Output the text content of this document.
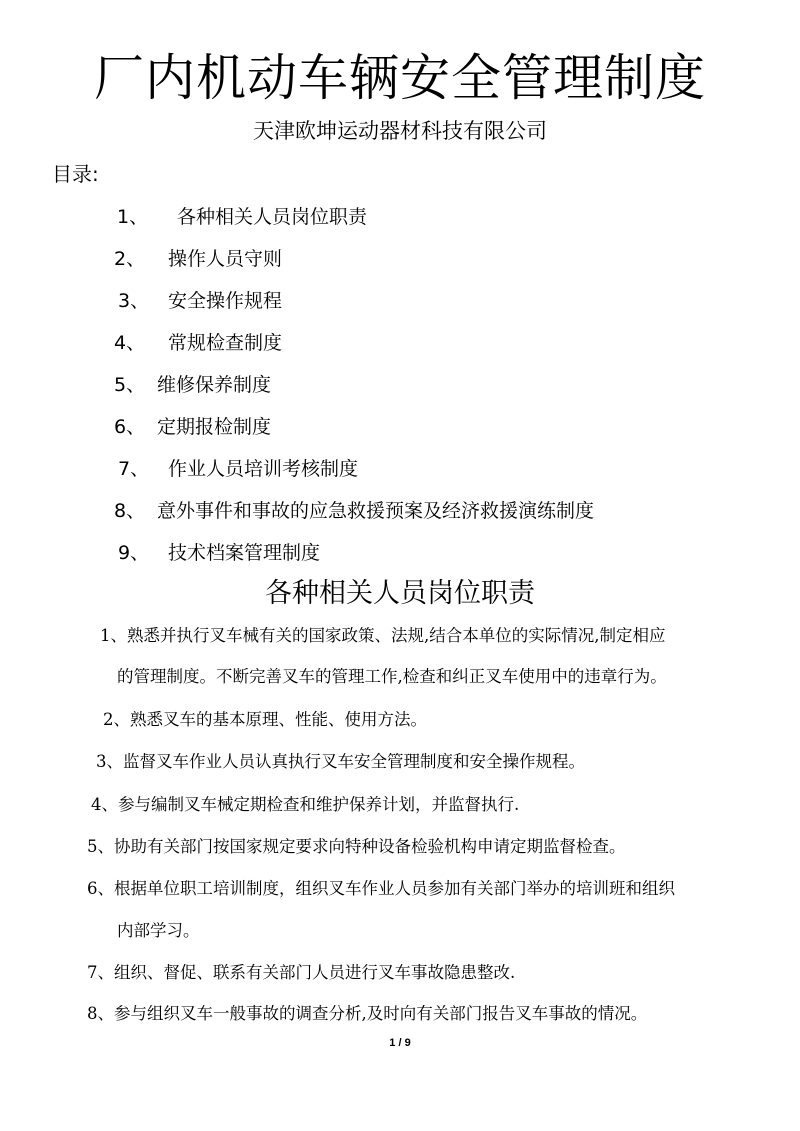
厂内机动车辆安全管理制度
天津欧坤运动器材科技有限公司
目录:
1、 各种相关人员岗位职责
2、 操作人员守则
3、 安全操作规程
4、 常规检查制度
5、 维修保养制度
6、 定期报检制度
7、 作业人员培训考核制度
8、 意外事件和事故的应急救援预案及经济救援演练制度
9、 技术档案管理制度
各种相关人员岗位职责
1、熟悉并执行叉车械有关的国家政策、法规,结合本单位的实际情况,制定相应
的管理制度。不断完善叉车的管理工作,检查和纠正叉车使用中的违章行为。
2、熟悉叉车的基本原理、性能、使用方法。
3、监督叉车作业人员认真执行叉车安全管理制度和安全操作规程。
4、参与编制叉车械定期检查和维护保养计划，并监督执行.
5、协助有关部门按国家规定要求向特种设备检验机构申请定期监督检查。
6、根据单位职工培训制度，组织叉车作业人员参加有关部门举办的培训班和组织
内部学习。
7、组织、督促、联系有关部门人员进行叉车事故隐患整改.
8、参与组织叉车一般事故的调查分析,及时向有关部门报告叉车事故的情况。
1 / 9
